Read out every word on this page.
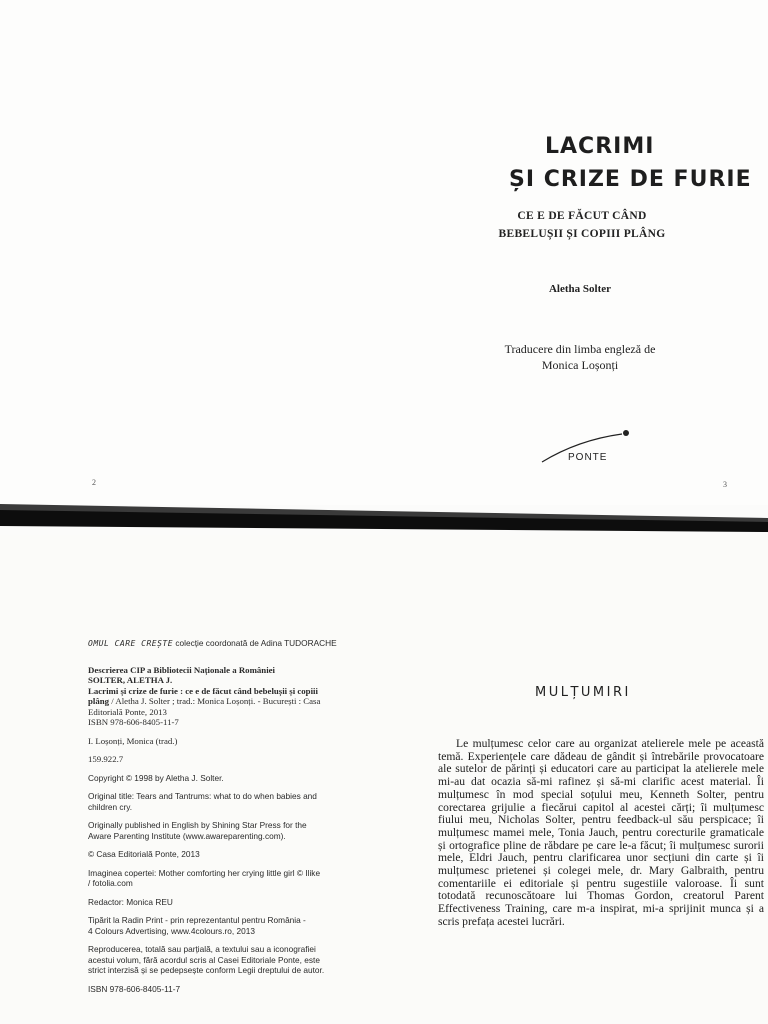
LACRIMI
ȘI CRIZE DE FURIE
CE E DE FĂCUT CÂND
BEBELUȘII ȘI COPIII PLÂNG
Aletha Solter
Traducere din limba engleză de
Monica Loșonți
PONTE
2	3

OMUL CARE CREȘTE colecție coordonată de Adina TUDORACHE

Descrierea CIP a Bibliotecii Naționale a României

SOLTER, ALETHA J.

Lacrimi și crize de furie : ce e de făcut când bebelușii și copiii

plâng / Aletha J. Solter ; trad.: Monica Loșonți. - București : Casa

Editorială Ponte, 2013

ISBN 978-606-8405-11-7

I. Loșonți, Monica (trad.)

159.922.7

Copyright © 1998 by Aletha J. Solter.

Original title: Tears and Tantrums: what to do when babies and

children cry.

Originally published in English by Shining Star Press for the

Aware Parenting Institute (www.awareparenting.com).

© Casa Editorială Ponte, 2013

Imaginea copertei: Mother comforting her crying little girl © Ilike

/ fotolia.com

Redactor: Monica REU

Tipărit la Radin Print - prin reprezentantul pentru România -

4 Colours Advertising, www.4colours.ro, 2013

Reproducerea, totală sau parțială, a textului sau a iconografiei

acestui volum, fără acordul scris al Casei Editoriale Ponte, este

strict interzisă și se pedepsește conform Legii dreptului de autor.

ISBN 978-606-8405-11-7

MULȚUMIRI
Le mulțumesc celor care au organizat atelierele mele pe această temă. Experiențele care dădeau de gândit și întrebările provocatoare ale sutelor de părinți și educatori care au participat la atelierele mele mi-au dat ocazia să-mi rafinez și să-mi clarific acest material. Îi mulțumesc în mod special soțului meu, Kenneth Solter, pentru corectarea grijulie a fiecărui capitol al acestei cărți; îi mulțumesc fiului meu, Nicholas Solter, pentru feedback-ul său perspicace; îi mulțumesc mamei mele, Tonia Jauch, pentru corecturile gramaticale și ortografice pline de răbdare pe care le-a făcut; îi mulțumesc surorii mele, Eldri Jauch, pentru clarificarea unor secțiuni din carte și îi mulțumesc prietenei și colegei mele, dr. Mary Galbraith, pentru comentariile ei editoriale și pentru sugestiile valoroase. Îi sunt totodată recunoscătoare lui Thomas Gordon, creatorul Parent Effectiveness Training, care m-a inspirat, mi-a sprijinit munca și a scris prefața acestei lucrări.
